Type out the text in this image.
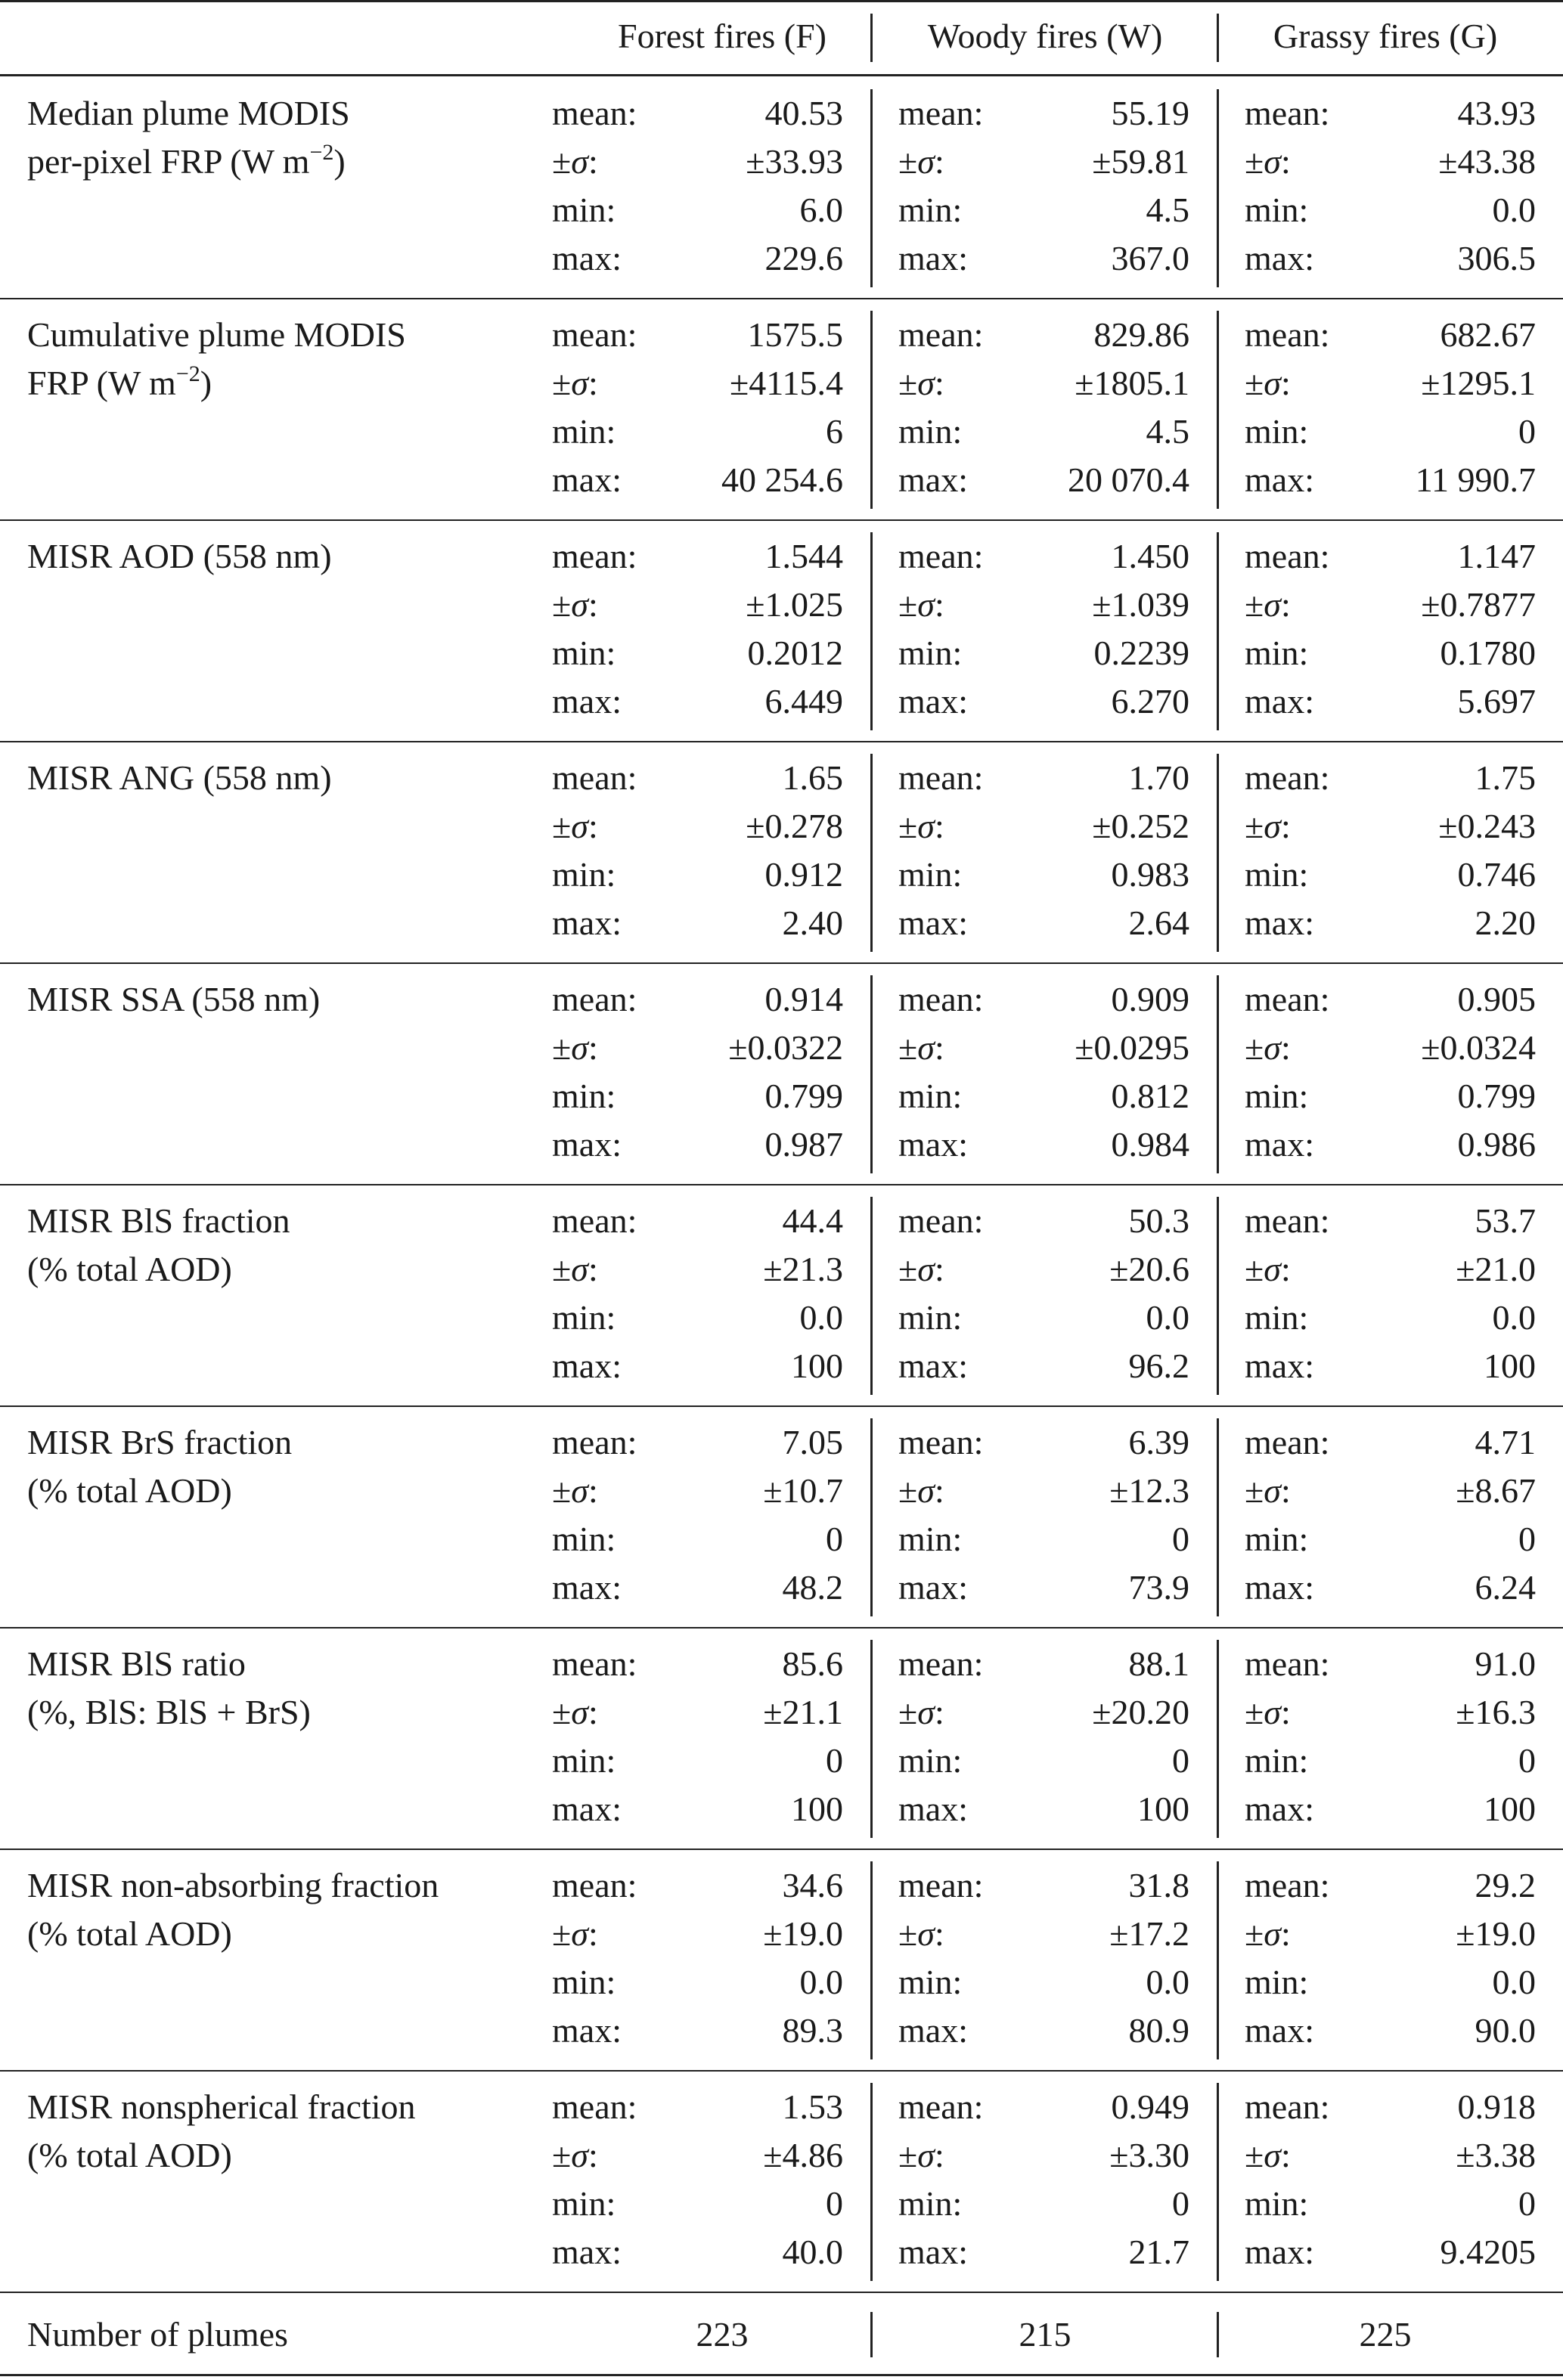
Forest fires (F)	Woody fires (W)	Grassy fires (G)
Median plume MODIS
per-pixel FRP (W $m^{-2}$)
mean:	40.53 mean:	55.19 mean:	43.93
±σ:	±33.93 ±σ:	±59.81 ±σ:	±43.38
min:	6.0 min:	4.5 min:	0.0
max:	229.6 max:	367.0 max:	306.5
Cumulative plume MODIS
FRP (W $m^{-2}$)
mean:	1575.5 mean:	829.86 mean:	682.67
±σ:	±4115.4 ±σ:	±1805.1 ±σ:	±1295.1
min:	6 min:	4.5 min:	0
max:	40 254.6 max:	20 070.4 max:	11 990.7
MISR AOD (558 nm)	mean:	1.544 mean:	1.450 mean:	1.147
±σ:	±1.025 ±σ:	±1.039 ±σ:	±0.7877
min:	0.2012 min:	0.2239 min:	0.1780
max:	6.449 max:	6.270 max:	5.697
MISR ANG (558 nm)	mean:	1.65 mean:	1.70 mean:	1.75
±σ:	±0.278 ±σ:	±0.252 ±σ:	±0.243
min:	0.912 min:	0.983 min:	0.746
max:	2.40 max:	2.64 max:	2.20
MISR SSA (558 nm)	mean:	0.914 mean:	0.909 mean:	0.905
±σ:	±0.0322 ±σ:	±0.0295 ±σ:	±0.0324
min:	0.799 min:	0.812 min:	0.799
max:	0.987 max:	0.984 max:	0.986
MISR BlS fraction
(% total AOD)
mean:	44.4 mean:	50.3 mean:	53.7
±σ:	±21.3 ±σ:	±20.6 ±σ:	±21.0
min:	0.0 min:	0.0 min:	0.0
max:	100 max:	96.2 max:	100
MISR BrS fraction
(% total AOD)
mean:	7.05 mean:	6.39 mean:	4.71
±σ:	±10.7 ±σ:	±12.3 ±σ:	±8.67
min:	0 min:	0 min:	0
max:	48.2 max:	73.9 max:	6.24
MISR BlS ratio
(%, BlS: BlS + BrS)
mean:	85.6 mean:	88.1 mean:	91.0
±σ:	±21.1 ±σ:	±20.20 ±σ:	±16.3
min:	0 min:	0 min:	0
max:	100 max:	100 max:	100
MISR non-absorbing fraction
(% total AOD)
mean:	34.6 mean:	31.8 mean:	29.2
±σ:	±19.0 ±σ:	±17.2 ±σ:	±19.0
min:	0.0 min:	0.0 min:	0.0
max:	89.3 max:	80.9 max:	90.0
MISR nonspherical fraction
(% total AOD)
mean:	1.53 mean:	0.949 mean:	0.918
±σ:	±4.86 ±σ:	±3.30 ±σ:	±3.38
min:	0 min:	0 min:	0
max:	40.0 max:	21.7 max:	9.4205
Number of plumes	223	215	225
